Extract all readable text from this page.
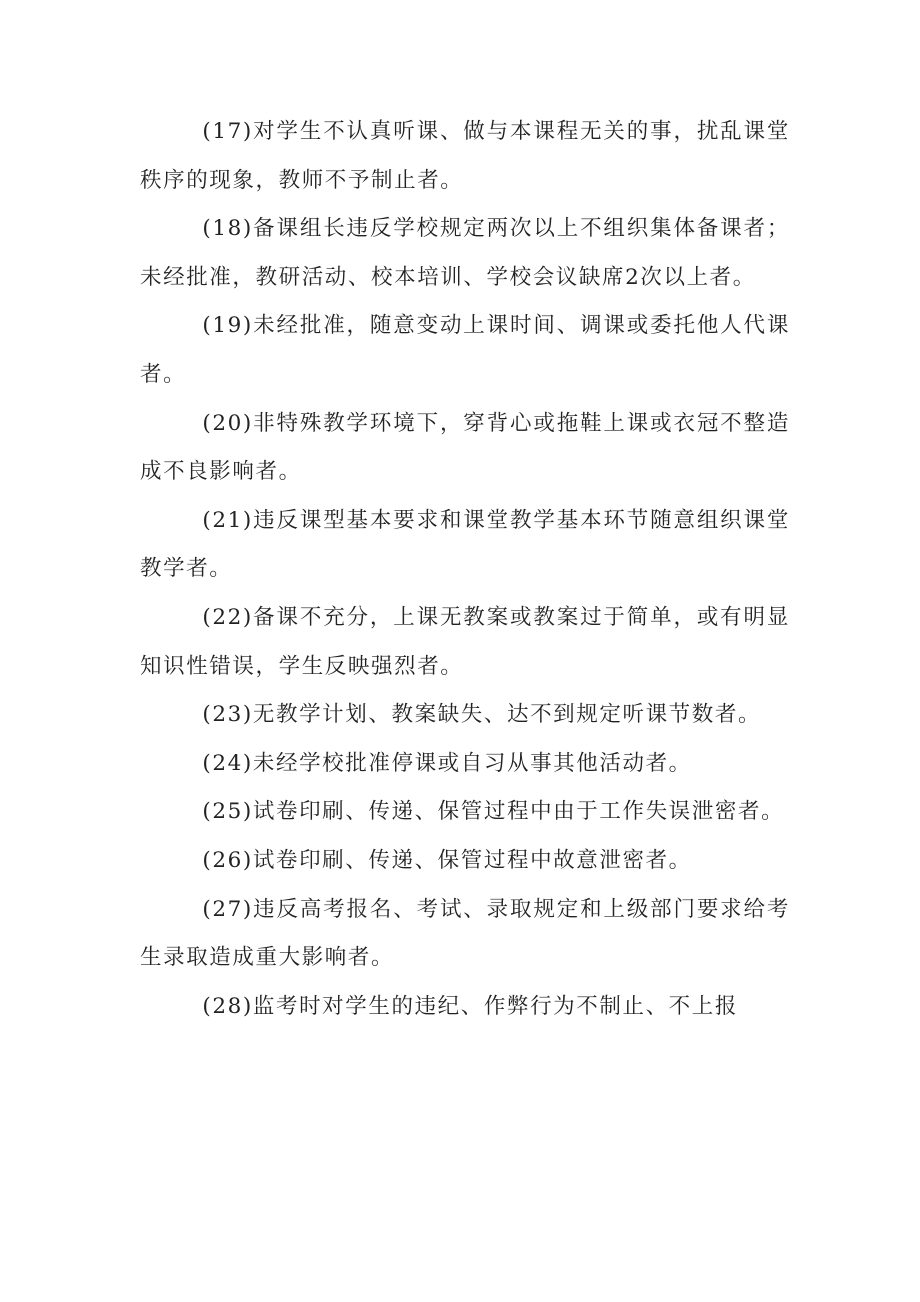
(17)对学生不认真听课、做与本课程无关的事，扰乱课堂秩序的现象，教师不予制止者。

(18)备课组长违反学校规定两次以上不组织集体备课者；未经批准，教研活动、校本培训、学校会议缺席2次以上者。

(19)未经批准，随意变动上课时间、调课或委托他人代课者。

(20)非特殊教学环境下，穿背心或拖鞋上课或衣冠不整造成不良影响者。

(21)违反课型基本要求和课堂教学基本环节随意组织课堂教学者。

(22)备课不充分，上课无教案或教案过于简单，或有明显知识性错误，学生反映强烈者。

(23)无教学计划、教案缺失、达不到规定听课节数者。

(24)未经学校批准停课或自习从事其他活动者。

(25)试卷印刷、传递、保管过程中由于工作失误泄密者。

(26)试卷印刷、传递、保管过程中故意泄密者。

(27)违反高考报名、考试、录取规定和上级部门要求给考生录取造成重大影响者。

(28)监考时对学生的违纪、作弊行为不制止、不上报
